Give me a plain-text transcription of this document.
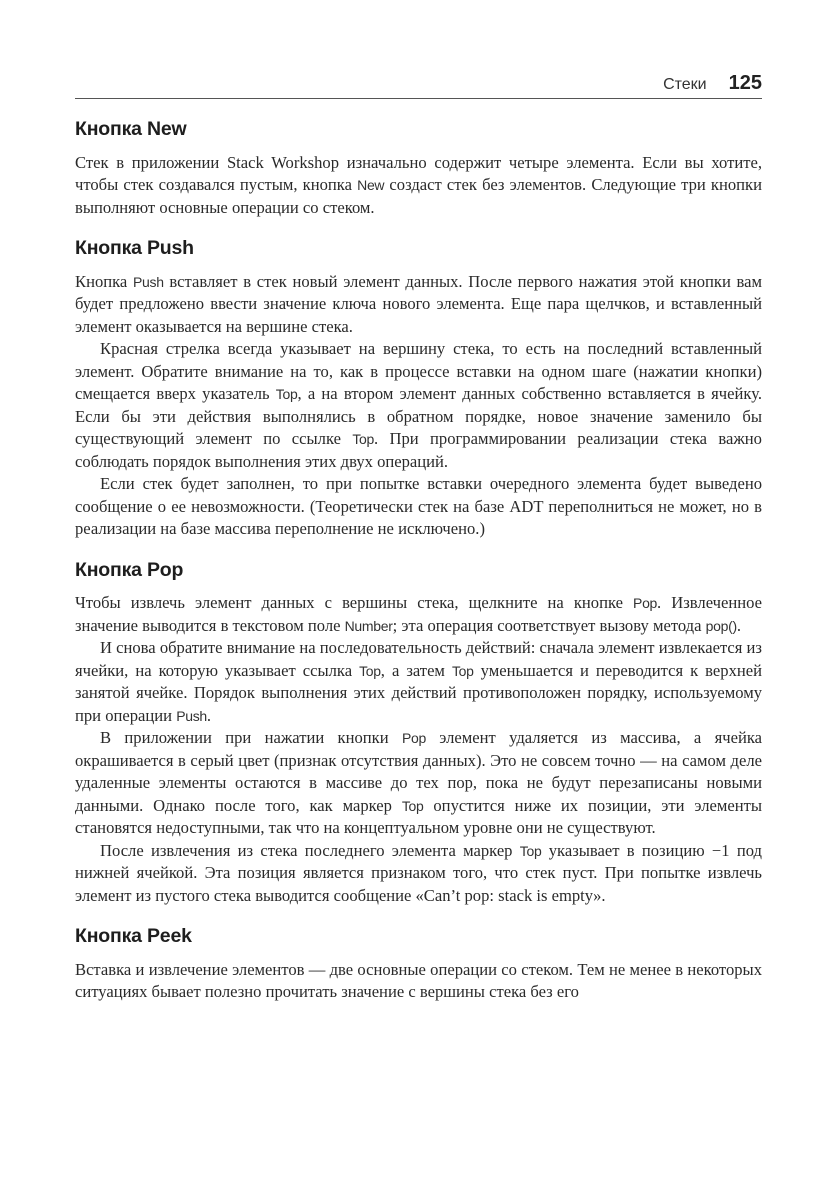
Стеки 125
Кнопка New

Стек в приложении Stack Workshop изначально содержит четыре элемента. Если вы хотите, чтобы стек создавался пустым, кнопка New создаст стек без элементов. Следующие три кнопки выполняют основные операции со стеком.

Кнопка Push

Кнопка Push вставляет в стек новый элемент данных. После первого нажатия этой кнопки вам будет предложено ввести значение ключа нового элемента. Еще пара щелчков, и вставленный элемент оказывается на вершине стека.

Красная стрелка всегда указывает на вершину стека, то есть на последний вставленный элемент. Обратите внимание на то, как в процессе вставки на одном шаге (нажатии кнопки) смещается вверх указатель Top, а на втором элемент данных собственно вставляется в ячейку. Если бы эти действия выполнялись в обратном порядке, новое значение заменило бы существующий элемент по ссылке Top. При программировании реализации стека важно соблюдать порядок выполнения этих двух операций.

Если стек будет заполнен, то при попытке вставки очередного элемента будет выведено сообщение о ее невозможности. (Теоретически стек на базе ADT переполниться не может, но в реализации на базе массива переполнение не исключено.)

Кнопка Pop

Чтобы извлечь элемент данных с вершины стека, щелкните на кнопке Pop. Извлеченное значение выводится в текстовом поле Number; эта операция соответствует вызову метода pop().

И снова обратите внимание на последовательность действий: сначала элемент извлекается из ячейки, на которую указывает ссылка Top, а затем Top уменьшается и переводится к верхней занятой ячейке. Порядок выполнения этих действий противоположен порядку, используемому при операции Push.

В приложении при нажатии кнопки Pop элемент удаляется из массива, а ячейка окрашивается в серый цвет (признак отсутствия данных). Это не совсем точно — на самом деле удаленные элементы остаются в массиве до тех пор, пока не будут перезаписаны новыми данными. Однако после того, как маркер Top опустится ниже их позиции, эти элементы становятся недоступными, так что на концептуальном уровне они не существуют.

После извлечения из стека последнего элемента маркер Top указывает в позицию −1 под нижней ячейкой. Эта позиция является признаком того, что стек пуст. При попытке извлечь элемент из пустого стека выводится сообщение «Can’t pop: stack is empty».

Кнопка Peek

Вставка и извлечение элементов — две основные операции со стеком. Тем не менее в некоторых ситуациях бывает полезно прочитать значение с вершины стека без его
